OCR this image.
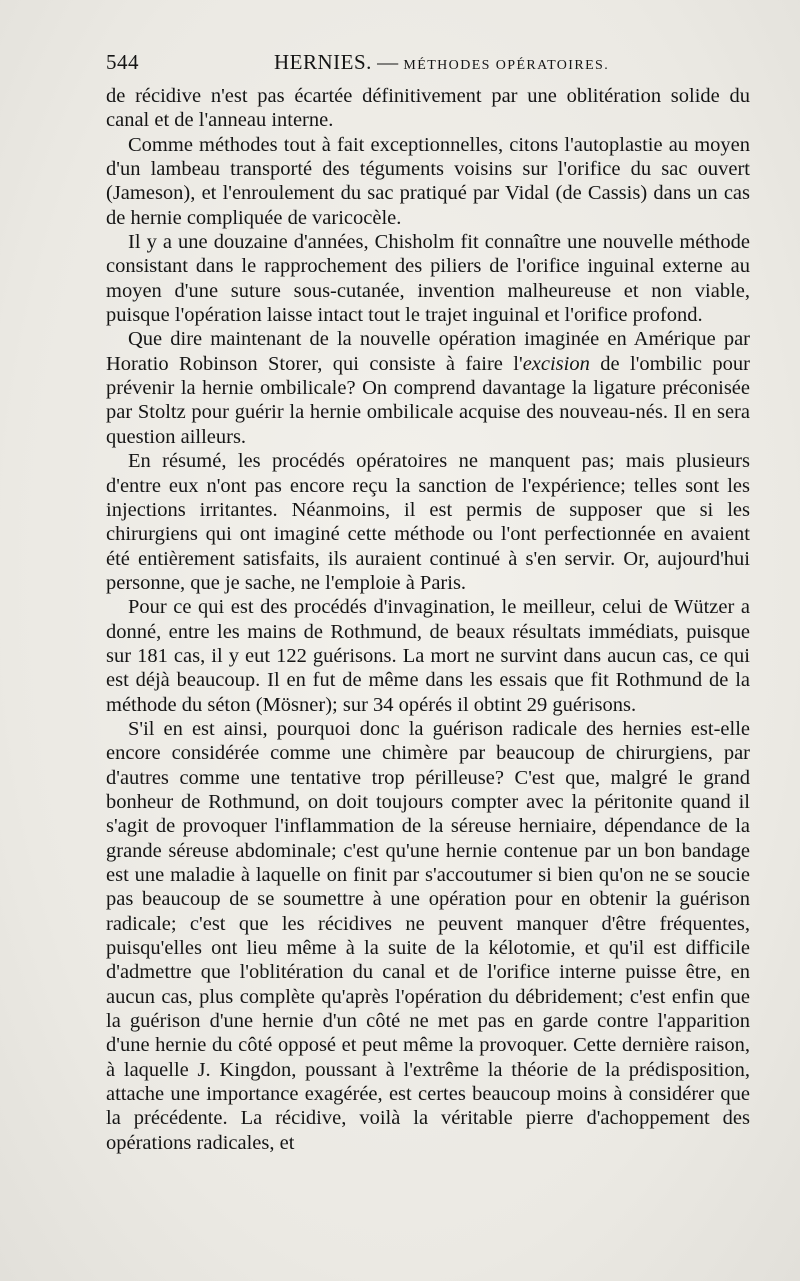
544	HERNIES. — MÉTHODES OPÉRATOIRES.

de récidive n'est pas écartée définitivement par une oblitération solide du canal et de l'anneau interne.

Comme méthodes tout à fait exceptionnelles, citons l'autoplastie au moyen d'un lambeau transporté des téguments voisins sur l'orifice du sac ouvert (Jameson), et l'enroulement du sac pratiqué par Vidal (de Cassis) dans un cas de hernie compliquée de varicocèle.

Il y a une douzaine d'années, Chisholm fit connaître une nouvelle méthode consistant dans le rapprochement des piliers de l'orifice inguinal externe au moyen d'une suture sous-cutanée, invention malheureuse et non viable, puisque l'opération laisse intact tout le trajet inguinal et l'orifice profond.

Que dire maintenant de la nouvelle opération imaginée en Amérique par Horatio Robinson Storer, qui consiste à faire l'excision de l'ombilic pour prévenir la hernie ombilicale? On comprend davantage la ligature préconisée par Stoltz pour guérir la hernie ombilicale acquise des nouveau-nés. Il en sera question ailleurs.

En résumé, les procédés opératoires ne manquent pas; mais plusieurs d'entre eux n'ont pas encore reçu la sanction de l'expérience; telles sont les injections irritantes. Néanmoins, il est permis de supposer que si les chirurgiens qui ont imaginé cette méthode ou l'ont perfectionnée en avaient été entièrement satisfaits, ils auraient continué à s'en servir. Or, aujourd'hui personne, que je sache, ne l'emploie à Paris.

Pour ce qui est des procédés d'invagination, le meilleur, celui de Wützer a donné, entre les mains de Rothmund, de beaux résultats immédiats, puisque sur 181 cas, il y eut 122 guérisons. La mort ne survint dans aucun cas, ce qui est déjà beaucoup. Il en fut de même dans les essais que fit Rothmund de la méthode du séton (Mösner); sur 34 opérés il obtint 29 guérisons.

S'il en est ainsi, pourquoi donc la guérison radicale des hernies est-elle encore considérée comme une chimère par beaucoup de chirurgiens, par d'autres comme une tentative trop périlleuse? C'est que, malgré le grand bonheur de Rothmund, on doit toujours compter avec la péritonite quand il s'agit de provoquer l'inflammation de la séreuse herniaire, dépendance de la grande séreuse abdominale; c'est qu'une hernie contenue par un bon bandage est une maladie à laquelle on finit par s'accoutumer si bien qu'on ne se soucie pas beaucoup de se soumettre à une opération pour en obtenir la guérison radicale; c'est que les récidives ne peuvent manquer d'être fréquentes, puisqu'elles ont lieu même à la suite de la kélotomie, et qu'il est difficile d'admettre que l'oblitération du canal et de l'orifice interne puisse être, en aucun cas, plus complète qu'après l'opération du débridement; c'est enfin que la guérison d'une hernie d'un côté ne met pas en garde contre l'apparition d'une hernie du côté opposé et peut même la provoquer. Cette dernière raison, à laquelle J. Kingdon, poussant à l'extrême la théorie de la prédisposition, attache une importance exagérée, est certes beaucoup moins à considérer que la précédente. La récidive, voilà la véritable pierre d'achoppement des opérations radicales, et
